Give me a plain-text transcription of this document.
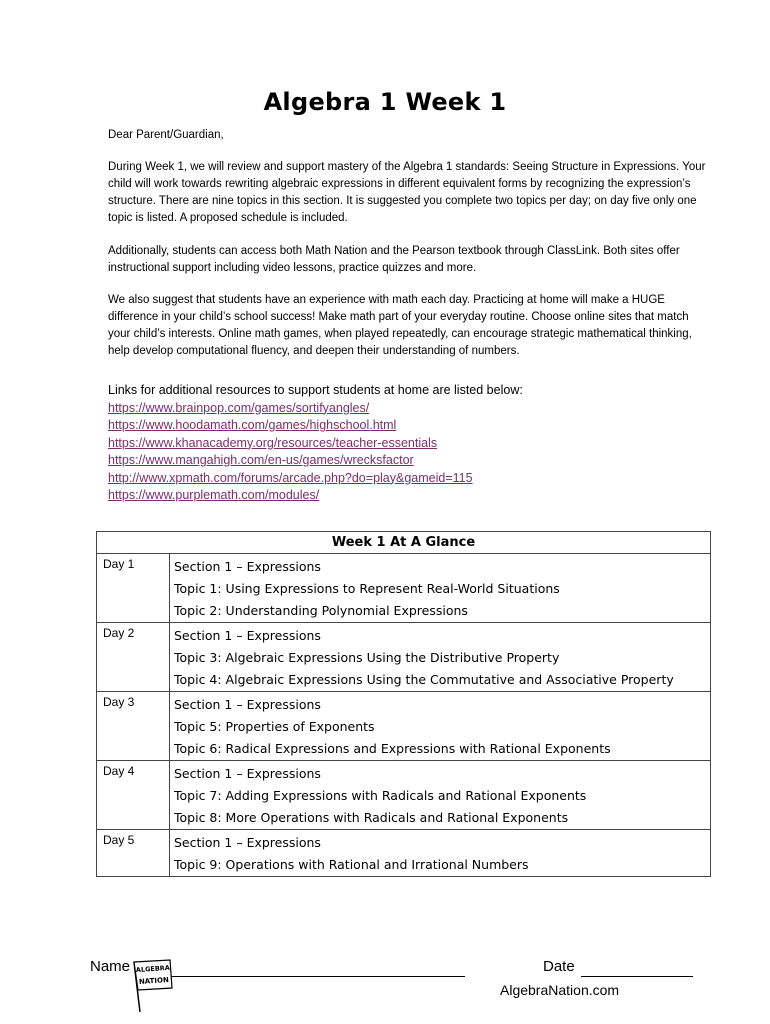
Algebra 1 Week 1

Dear Parent/Guardian,

During Week 1, we will review and support mastery of the Algebra 1 standards: Seeing Structure in Expressions. Your child will work towards rewriting algebraic expressions in different equivalent forms by recognizing the expression’s structure. There are nine topics in this section. It is suggested you complete two topics per day; on day five only one topic is listed. A proposed schedule is included.

Additionally, students can access both Math Nation and the Pearson textbook through ClassLink. Both sites offer instructional support including video lessons, practice quizzes and more.

We also suggest that students have an experience with math each day. Practicing at home will make a HUGE difference in your child’s school success! Make math part of your everyday routine. Choose online sites that match your child’s interests. Online math games, when played repeatedly, can encourage strategic mathematical thinking, help develop computational fluency, and deepen their understanding of numbers.

Links for additional resources to support students at home are listed below:
https://www.brainpop.com/games/sortifyangles/
https://www.hoodamath.com/games/highschool.html
https://www.khanacademy.org/resources/teacher-essentials
https://www.mangahigh.com/en-us/games/wrecksfactor
http://www.xpmath.com/forums/arcade.php?do=play&gameid=115
https://www.purplemath.com/modules/
Week 1 At A Glance	
Day 1	Section 1 – Expressions
Topic 1: Using Expressions to Represent Real-World Situations
Topic 2: Understanding Polynomial Expressions

Day 2	Section 1 – Expressions
Topic 3: Algebraic Expressions Using the Distributive Property
Topic 4: Algebraic Expressions Using the Commutative and Associative Property

Day 3	Section 1 – Expressions
Topic 5: Properties of Exponents
Topic 6: Radical Expressions and Expressions with Rational Exponents

Day 4	Section 1 – Expressions
Topic 7: Adding Expressions with Radicals and Rational Exponents
Topic 8: More Operations with Radicals and Rational Exponents

Day 5	Section 1 – Expressions
Topic 9: Operations with Rational and Irrational Numbers
Name ALGEBRA
NATION
Date
AlgebraNation.com
